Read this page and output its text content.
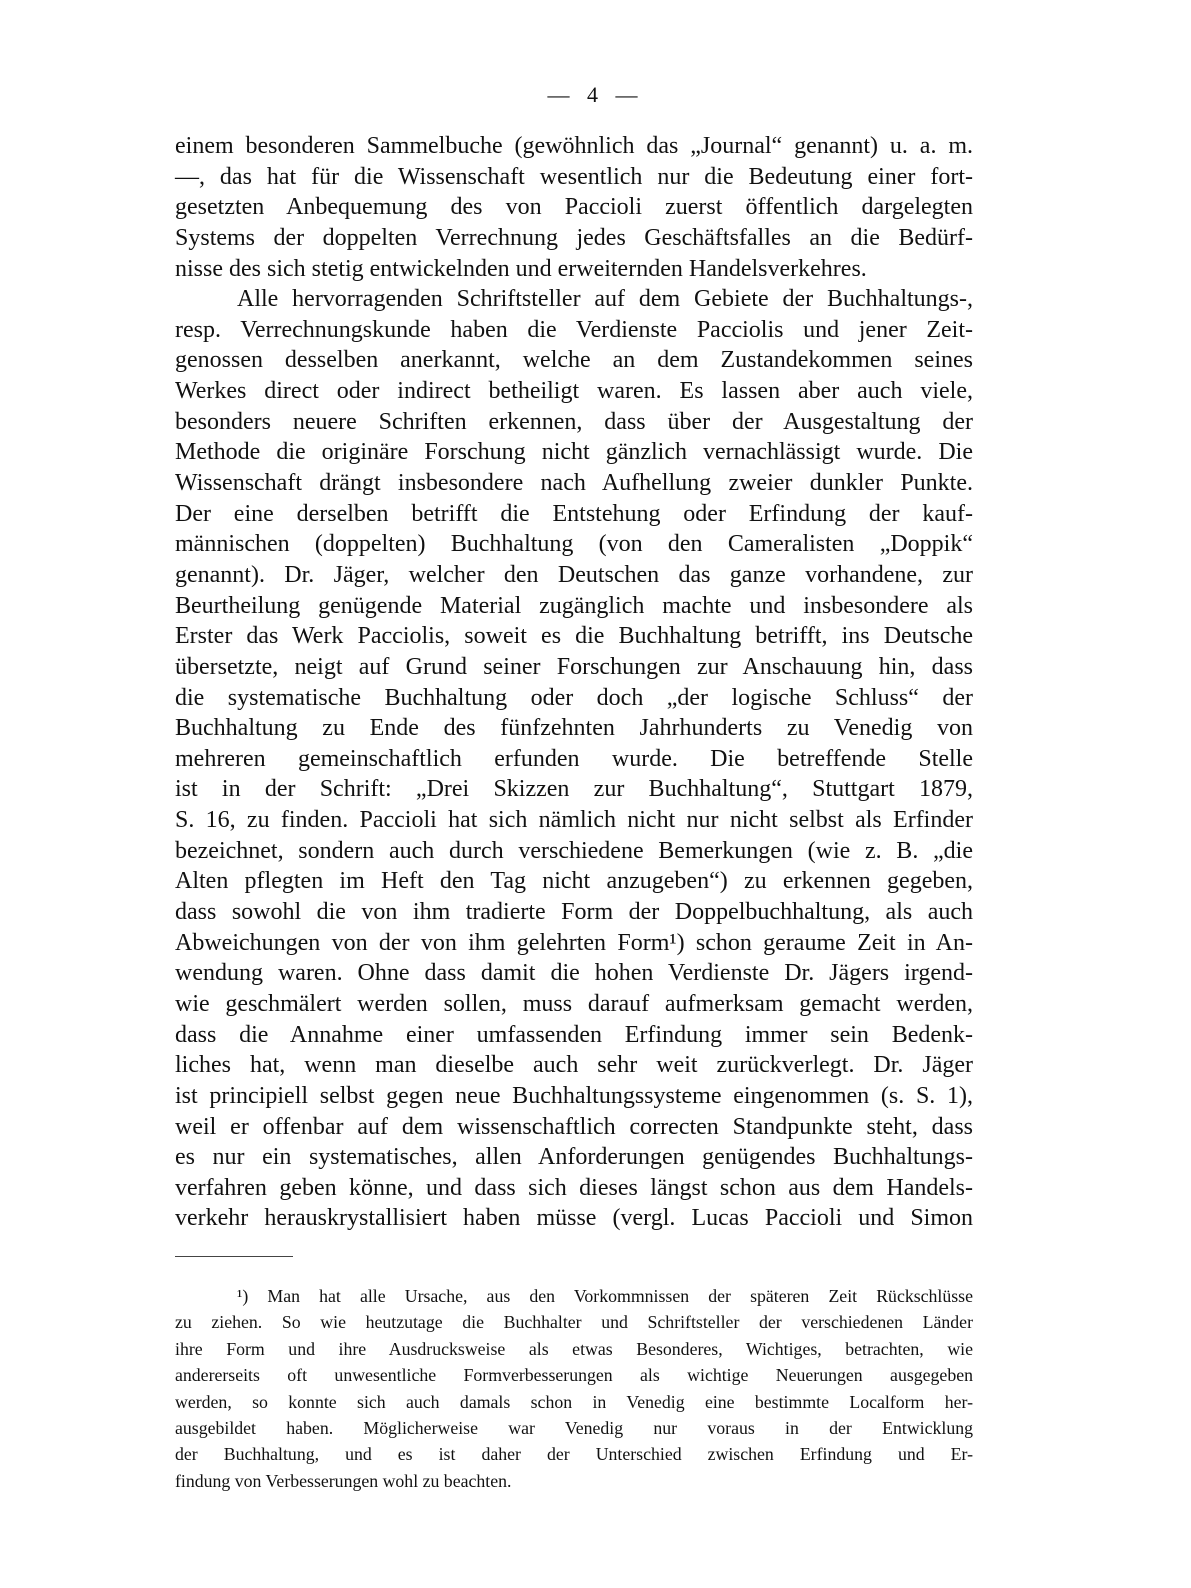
— 4 —
einem besonderen Sammelbuche (gewöhnlich das „Journal“ genannt) u. a. m.
—, das hat für die Wissenschaft wesentlich nur die Bedeutung einer fort-
gesetzten Anbequemung des von Paccioli zuerst öffentlich dargelegten
Systems der doppelten Verrechnung jedes Geschäftsfalles an die Bedürf-
nisse des sich stetig entwickelnden und erweiternden Handelsverkehres.
Alle hervorragenden Schriftsteller auf dem Gebiete der Buchhaltungs-,
resp. Verrechnungskunde haben die Verdienste Pacciolis und jener Zeit-
genossen desselben anerkannt, welche an dem Zustandekommen seines
Werkes direct oder indirect betheiligt waren. Es lassen aber auch viele,
besonders neuere Schriften erkennen, dass über der Ausgestaltung der
Methode die originäre Forschung nicht gänzlich vernachlässigt wurde. Die
Wissenschaft drängt insbesondere nach Aufhellung zweier dunkler Punkte.
Der eine derselben betrifft die Entstehung oder Erfindung der kauf-
männischen (doppelten) Buchhaltung (von den Cameralisten „Doppik“
genannt). Dr. Jäger, welcher den Deutschen das ganze vorhandene, zur
Beurtheilung genügende Material zugänglich machte und insbesondere als
Erster das Werk Pacciolis, soweit es die Buchhaltung betrifft, ins Deutsche
übersetzte, neigt auf Grund seiner Forschungen zur Anschauung hin, dass
die systematische Buchhaltung oder doch „der logische Schluss“ der
Buchhaltung zu Ende des fünfzehnten Jahrhunderts zu Venedig von
mehreren gemeinschaftlich erfunden wurde. Die betreffende Stelle
ist in der Schrift: „Drei Skizzen zur Buchhaltung“, Stuttgart 1879,
S. 16, zu finden. Paccioli hat sich nämlich nicht nur nicht selbst als Erfinder
bezeichnet, sondern auch durch verschiedene Bemerkungen (wie z. B. „die
Alten pflegten im Heft den Tag nicht anzugeben“) zu erkennen gegeben,
dass sowohl die von ihm tradierte Form der Doppelbuchhaltung, als auch
Abweichungen von der von ihm gelehrten Form¹) schon geraume Zeit in An-
wendung waren. Ohne dass damit die hohen Verdienste Dr. Jägers irgend-
wie geschmälert werden sollen, muss darauf aufmerksam gemacht werden,
dass die Annahme einer umfassenden Erfindung immer sein Bedenk-
liches hat, wenn man dieselbe auch sehr weit zurückverlegt. Dr. Jäger
ist principiell selbst gegen neue Buchhaltungssysteme eingenommen (s. S. 1),
weil er offenbar auf dem wissenschaftlich correcten Standpunkte steht, dass
es nur ein systematisches, allen Anforderungen genügendes Buchhaltungs-
verfahren geben könne, und dass sich dieses längst schon aus dem Handels-
verkehr herauskrystallisiert haben müsse (vergl. Lucas Paccioli und Simon
¹) Man hat alle Ursache, aus den Vorkommnissen der späteren Zeit Rückschlüsse
zu ziehen. So wie heutzutage die Buchhalter und Schriftsteller der verschiedenen Länder
ihre Form und ihre Ausdrucksweise als etwas Besonderes, Wichtiges, betrachten, wie
andererseits oft unwesentliche Formverbesserungen als wichtige Neuerungen ausgegeben
werden, so konnte sich auch damals schon in Venedig eine bestimmte Localform her-
ausgebildet haben. Möglicherweise war Venedig nur voraus in der Entwicklung
der Buchhaltung, und es ist daher der Unterschied zwischen Erfindung und Er-
findung von Verbesserungen wohl zu beachten.
